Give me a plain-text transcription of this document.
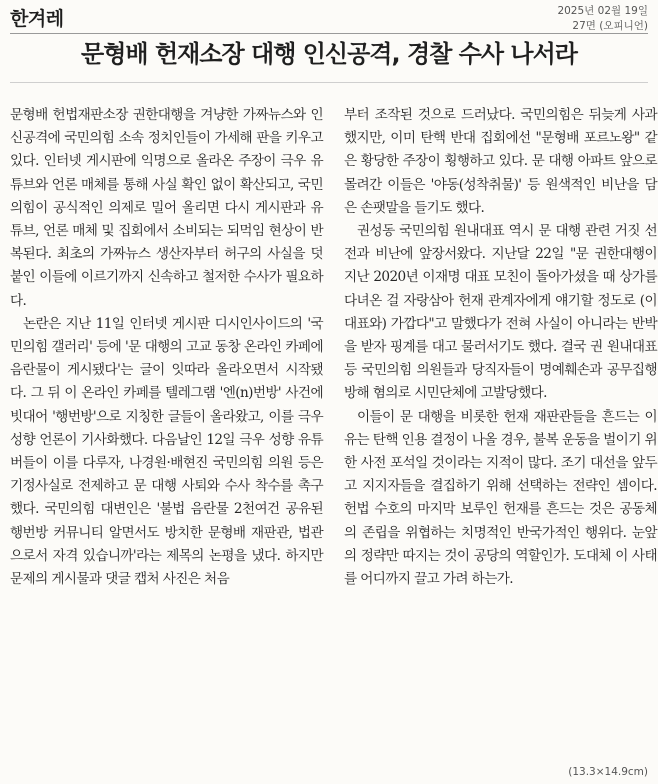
한겨레	2025년 02월 19일
27면 (오피니언)
문형배 헌재소장 대행 인신공격, 경찰 수사 나서라

문형배 헌법재판소장 권한대행을 겨냥한 가짜뉴스와 인신공격에 국민의힘 소속 정치인들이 가세해 판을 키우고 있다. 인터넷 게시판에 익명으로 올라온 주장이 극우 유튜브와 언론 매체를 통해 사실 확인 없이 확산되고, 국민의힘이 공식적인 의제로 밀어 올리면 다시 게시판과 유튜브, 언론 매체 및 집회에서 소비되는 되먹임 현상이 반복된다. 최초의 가짜뉴스 생산자부터 허구의 사실을 덧붙인 이들에 이르기까지 신속하고 철저한 수사가 필요하다.

논란은 지난 11일 인터넷 게시판 디시인사이드의 '국민의힘 갤러리' 등에 '문 대행의 고교 동창 온라인 카페에 음란물이 게시됐다'는 글이 잇따라 올라오면서 시작됐다. 그 뒤 이 온라인 카페를 텔레그램 '엔(n)번방' 사건에 빗대어 '행번방'으로 지칭한 글들이 올라왔고, 이를 극우 성향 언론이 기사화했다. 다음날인 12일 극우 성향 유튜버들이 이를 다루자, 나경원·배현진 국민의힘 의원 등은 기정사실로 전제하고 문 대행 사퇴와 수사 착수를 촉구했다. 국민의힘 대변인은 '불법 음란물 2천여건 공유된 행번방 커뮤니티 알면서도 방치한 문형배 재판관, 법관으로서 자격 있습니까'라는 제목의 논평을 냈다. 하지만 문제의 게시물과 댓글 캡처 사진은 처음

부터 조작된 것으로 드러났다. 국민의힘은 뒤늦게 사과했지만, 이미 탄핵 반대 집회에선 "문형배 포르노왕" 같은 황당한 주장이 횡행하고 있다. 문 대행 아파트 앞으로 몰려간 이들은 '야동(성착취물)' 등 원색적인 비난을 담은 손팻말을 들기도 했다.

권성동 국민의힘 원내대표 역시 문 대행 관련 거짓 선전과 비난에 앞장서왔다. 지난달 22일 "문 권한대행이 지난 2020년 이재명 대표 모친이 돌아가셨을 때 상가를 다녀온 걸 자랑삼아 헌재 관계자에게 얘기할 정도로 (이 대표와) 가깝다"고 말했다가 전혀 사실이 아니라는 반박을 받자 핑계를 대고 물러서기도 했다. 결국 권 원내대표 등 국민의힘 의원들과 당직자들이 명예훼손과 공무집행방해 혐의로 시민단체에 고발당했다.

이들이 문 대행을 비롯한 헌재 재판관들을 흔드는 이유는 탄핵 인용 결정이 나올 경우, 불복 운동을 벌이기 위한 사전 포석일 것이라는 지적이 많다. 조기 대선을 앞두고 지지자들을 결집하기 위해 선택하는 전략인 셈이다. 헌법 수호의 마지막 보루인 헌재를 흔드는 것은 공동체의 존립을 위협하는 치명적인 반국가적인 행위다. 눈앞의 정략만 따지는 것이 공당의 역할인가. 도대체 이 사태를 어디까지 끌고 가려 하는가.

(13.3×14.9cm)
